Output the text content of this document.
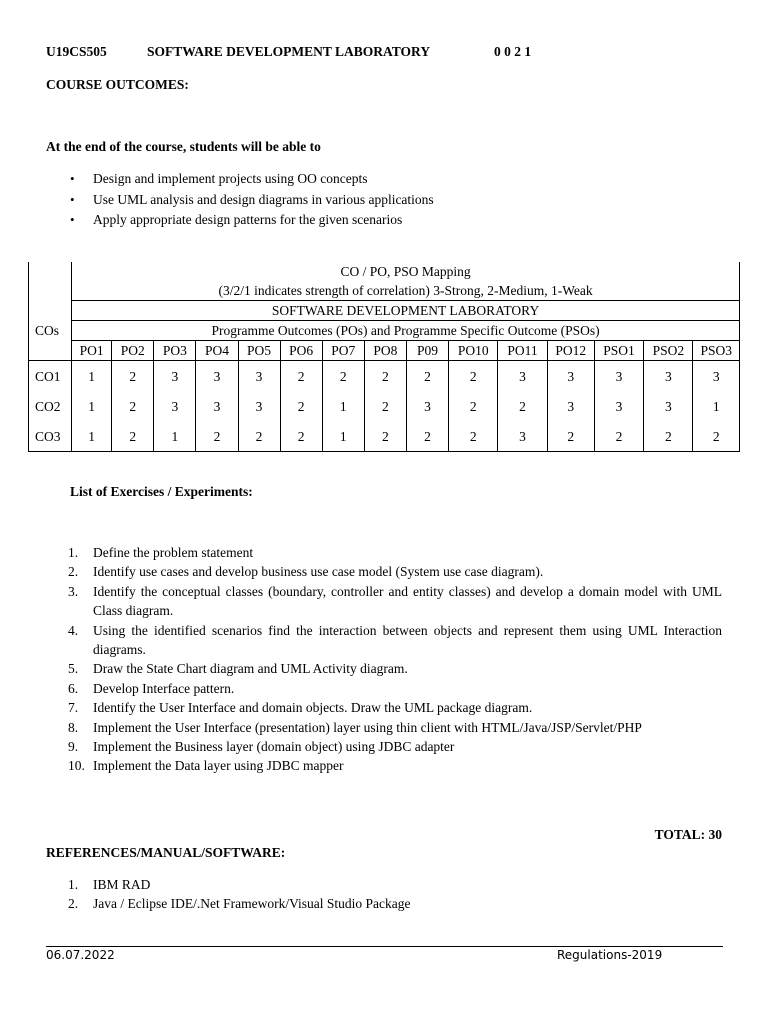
U19CS505	SOFTWARE DEVELOPMENT LABORATORY	0 0 2 1
COURSE OUTCOMES:
At the end of the course, students will be able to
• Design and implement projects using OO concepts
• Use UML analysis and design diagrams in various applications
• Apply appropriate design patterns for the given scenarios

	CO / PO, PSO Mapping
(3/2/1 indicates strength of correlation) 3-Strong, 2-Medium, 1-Weak														

	SOFTWARE DEVELOPMENT LABORATORY														
COs	Programme Outcomes (POs) and Programme Specific Outcome (PSOs)														
	PO1	PO2	PO3	PO4	PO5	PO6	PO7	PO8	P09	PO10	PO11	PO12	PSO1	PSO2	PSO3
CO1	1	2	3	3	3	2	2	2	2	2	3	3	3	3	3
CO2	1	2	3	3	3	2	1	2	3	2	2	3	3	3	1
CO3	1	2	1	2	2	2	1	2	2	2	3	2	2	2	2
List of Exercises / Experiments:
1.	Define the problem statement
2.	Identify use cases and develop business use case model (System use case diagram).
3.	Identify the conceptual classes (boundary, controller and entity classes) and develop a domain model with UML Class diagram.
4.	Using the identified scenarios find the interaction between objects and represent them using UML Interaction diagrams.
5.	Draw the State Chart diagram and UML Activity diagram.
6.	Develop Interface pattern.
7.	Identify the User Interface and domain objects. Draw the UML package diagram.
8.	Implement the User Interface (presentation) layer using thin client with HTML/Java/JSP/Servlet/PHP
9.	Implement the Business layer (domain object) using JDBC adapter
10. Implement the Data layer using JDBC mapper
TOTAL: 30
REFERENCES/MANUAL/SOFTWARE:
1. IBM RAD
2. Java / Eclipse IDE/.Net Framework/Visual Studio Package
06.07.2022	Regulations-2019
